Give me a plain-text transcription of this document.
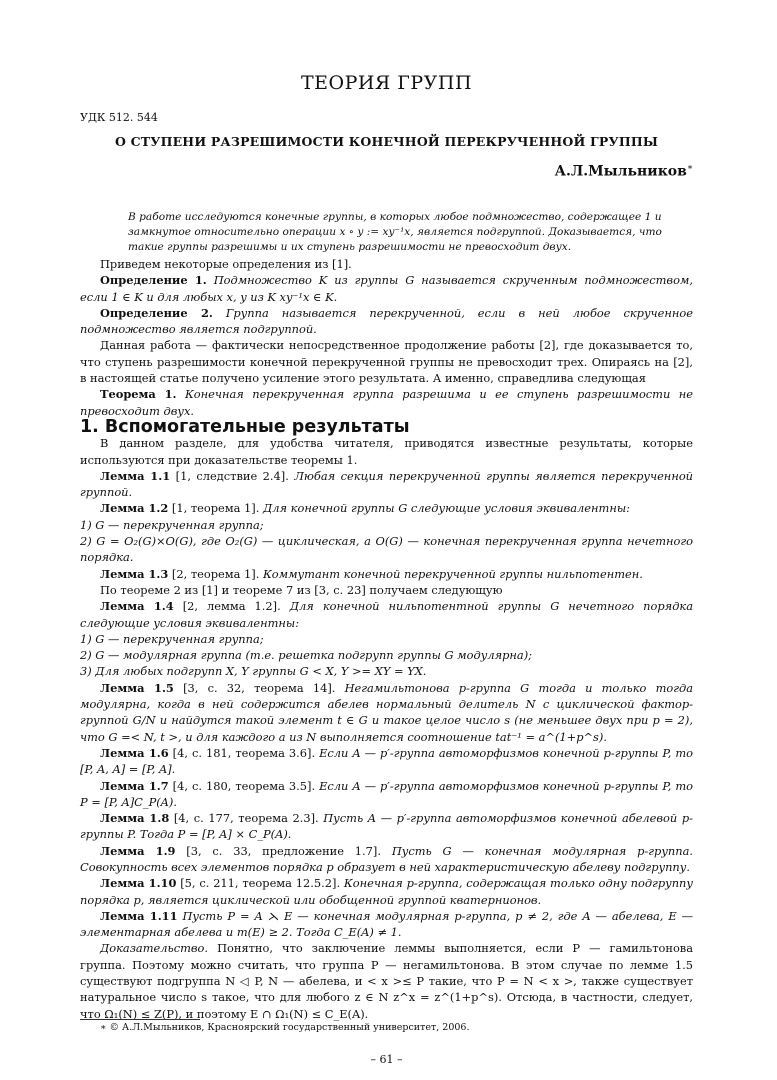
ТЕОРИЯ ГРУПП
УДК 512. 544
О СТУПЕНИ РАЗРЕШИМОСТИ КОНЕЧНОЙ ПЕРЕКРУЧЕННОЙ ГРУППЫ
А.Л.Мыльников∗
В работе исследуются конечные группы, в которых любое подмножество, содержащее 1 и замкнутое относительно операции x ∘ y := xy⁻¹x, является подгруппой. Доказывается, что такие группы разрешимы и их ступень разрешимости не превосходит двух.

Приведем некоторые определения из [1].

Определение 1. Подмножество K из группы G называется скрученным подмножеством, если 1 ∈ K и для любых x, y из K xy⁻¹x ∈ K.

Определение 2. Группа называется перекрученной, если в ней любое скрученное подмножество является подгруппой.

Данная работа — фактически непосредственное продолжение работы [2], где доказывается то, что ступень разрешимости конечной перекрученной группы не превосходит трех. Опираясь на [2], в настоящей статье получено усиление этого результата. А именно, справедлива следующая

Теорема 1. Конечная перекрученная группа разрешима и ее ступень разрешимости не превосходит двух.

1. Вспомогательные результаты

В данном разделе, для удобства читателя, приводятся известные результаты, которые используются при доказательстве теоремы 1.

Лемма 1.1 [1, следствие 2.4]. Любая секция перекрученной группы является перекрученной группой.

Лемма 1.2 [1, теорема 1]. Для конечной группы G следующие условия эквивалентны:

1) G — перекрученная группа;

2) G = O₂(G)×O(G), где O₂(G) — циклическая, а O(G) — конечная перекрученная группа нечетного порядка.

Лемма 1.3 [2, теорема 1]. Коммутант конечной перекрученной группы нильпотентен.

По теореме 2 из [1] и теореме 7 из [3, с. 23] получаем следующую

Лемма 1.4 [2, лемма 1.2]. Для конечной нильпотентной группы G нечетного порядка следующие условия эквивалентны:

1) G — перекрученная группа;

2) G — модулярная группа (т.е. решетка подгрупп группы G модулярна);

3) Для любых подгрупп X, Y группы G < X, Y >= XY = YX.

Лемма 1.5 [3, с. 32, теорема 14]. Негамильтонова p-группа G тогда и только тогда модулярна, когда в ней содержится абелев нормальный делитель N с циклической фактор-группой G/N и найдутся такой элемент t ∈ G и такое целое число s (не меньшее двух при p = 2), что G =< N, t >, и для каждого a из N выполняется соотношение tat⁻¹ = a^(1+p^s).

Лемма 1.6 [4, с. 181, теорема 3.6]. Если A — p′-группа автоморфизмов конечной p-группы P, то [P, A, A] = [P, A].

Лемма 1.7 [4, с. 180, теорема 3.5]. Если A — p′-группа автоморфизмов конечной p-группы P, то P = [P, A]C_P(A).

Лемма 1.8 [4, с. 177, теорема 2.3]. Пусть A — p′-группа автоморфизмов конечной абелевой p-группы P. Тогда P = [P, A] × C_P(A).

Лемма 1.9 [3, с. 33, предложение 1.7]. Пусть G — конечная модулярная p-группа. Совокупность всех элементов порядка p образует в ней характеристическую абелеву подгруппу.

Лемма 1.10 [5, с. 211, теорема 12.5.2]. Конечная p-группа, содержащая только одну подгруппу порядка p, является циклической или обобщенной группой кватернионов.

Лемма 1.11 Пусть P = A ⋋ E — конечная модулярная p-группа, p ≠ 2, где A — абелева, E — элементарная абелева и m(E) ≥ 2. Тогда C_E(A) ≠ 1.

Доказательство. Понятно, что заключение леммы выполняется, если P — гамильтонова группа. Поэтому можно считать, что группа P — негамильтонова. В этом случае по лемме 1.5 существуют подгруппа N ◁ P, N — абелева, и < x >≤ P такие, что P = N < x >, также существует натуральное число s такое, что для любого z ∈ N z^x = z^(1+p^s). Отсюда, в частности, следует, что Ω₁(N) ≤ Z(P), и поэтому E ∩ Ω₁(N) ≤ C_E(A).

∗ © А.Л.Мыльников, Красноярский государственный университет, 2006.
– 61 –
